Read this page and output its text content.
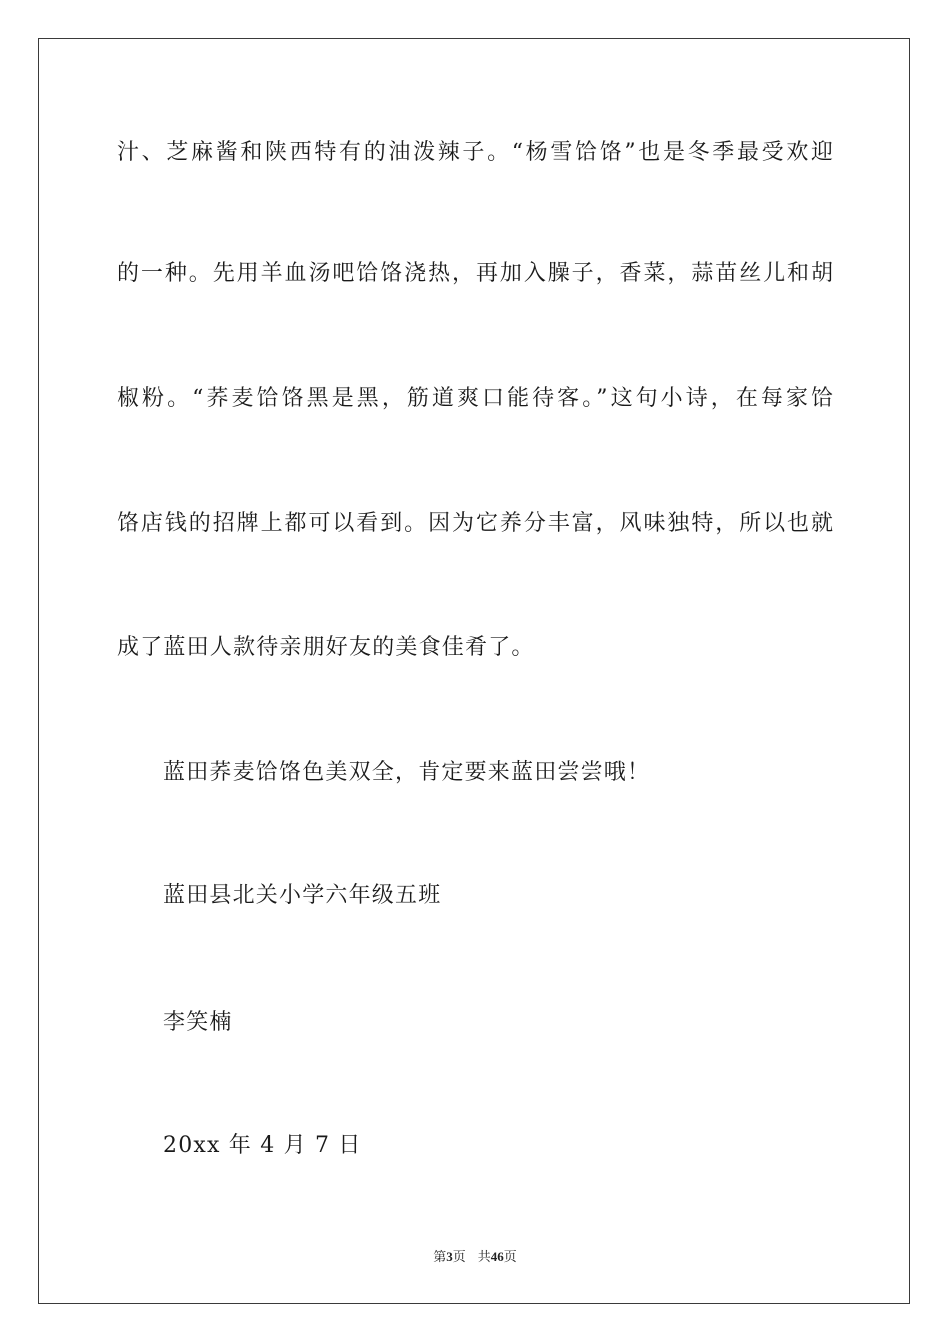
汁、芝麻酱和陕西特有的油泼辣子。“杨雪饸饹”也是冬季最受欢迎
的一种。先用羊血汤吧饸饹浇热，再加入臊子，香菜，蒜苗丝儿和胡
椒粉。“荞麦饸饹黑是黑，筋道爽口能待客。”这句小诗，在每家饸
饹店钱的招牌上都可以看到。因为它养分丰富，风味独特，所以也就
成了蓝田人款待亲朋好友的美食佳肴了。
蓝田荞麦饸饹色美双全，肯定要来蓝田尝尝哦！
蓝田县北关小学六年级五班
李笑楠
20xx 年 4 月 7 日
第3页 共46页
